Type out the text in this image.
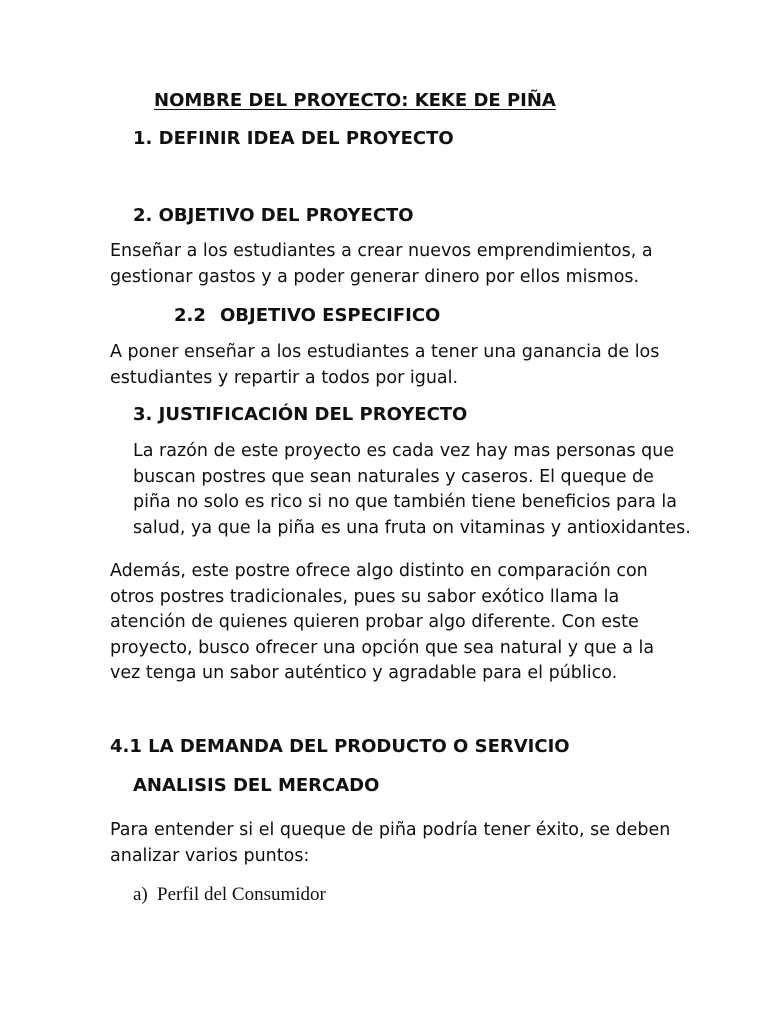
NOMBRE DEL PROYECTO: KEKE DE PIÑA

1. DEFINIR IDEA DEL PROYECTO

2. OBJETIVO DEL PROYECTO

Enseñar a los estudiantes a crear nuevos emprendimientos, a
gestionar gastos y a poder generar dinero por ellos mismos.

2.2 OBJETIVO ESPECIFICO

A poner enseñar a los estudiantes a tener una ganancia de los
estudiantes y repartir a todos por igual.

3. JUSTIFICACIÓN DEL PROYECTO

La razón de este proyecto es cada vez hay mas personas que
buscan postres que sean naturales y caseros. El queque de
piña no solo es rico si no que también tiene beneficios para la
salud, ya que la piña es una fruta on vitaminas y antioxidantes.
Además, este postre ofrece algo distinto en comparación con
otros postres tradicionales, pues su sabor exótico llama la
atención de quienes quieren probar algo diferente. Con este
proyecto, busco ofrecer una opción que sea natural y que a la
vez tenga un sabor auténtico y agradable para el público.

4.1 LA DEMANDA DEL PRODUCTO O SERVICIO

ANALISIS DEL MERCADO

Para entender si el queque de piña podría tener éxito, se deben
analizar varios puntos:

a) Perfil del Consumidor
